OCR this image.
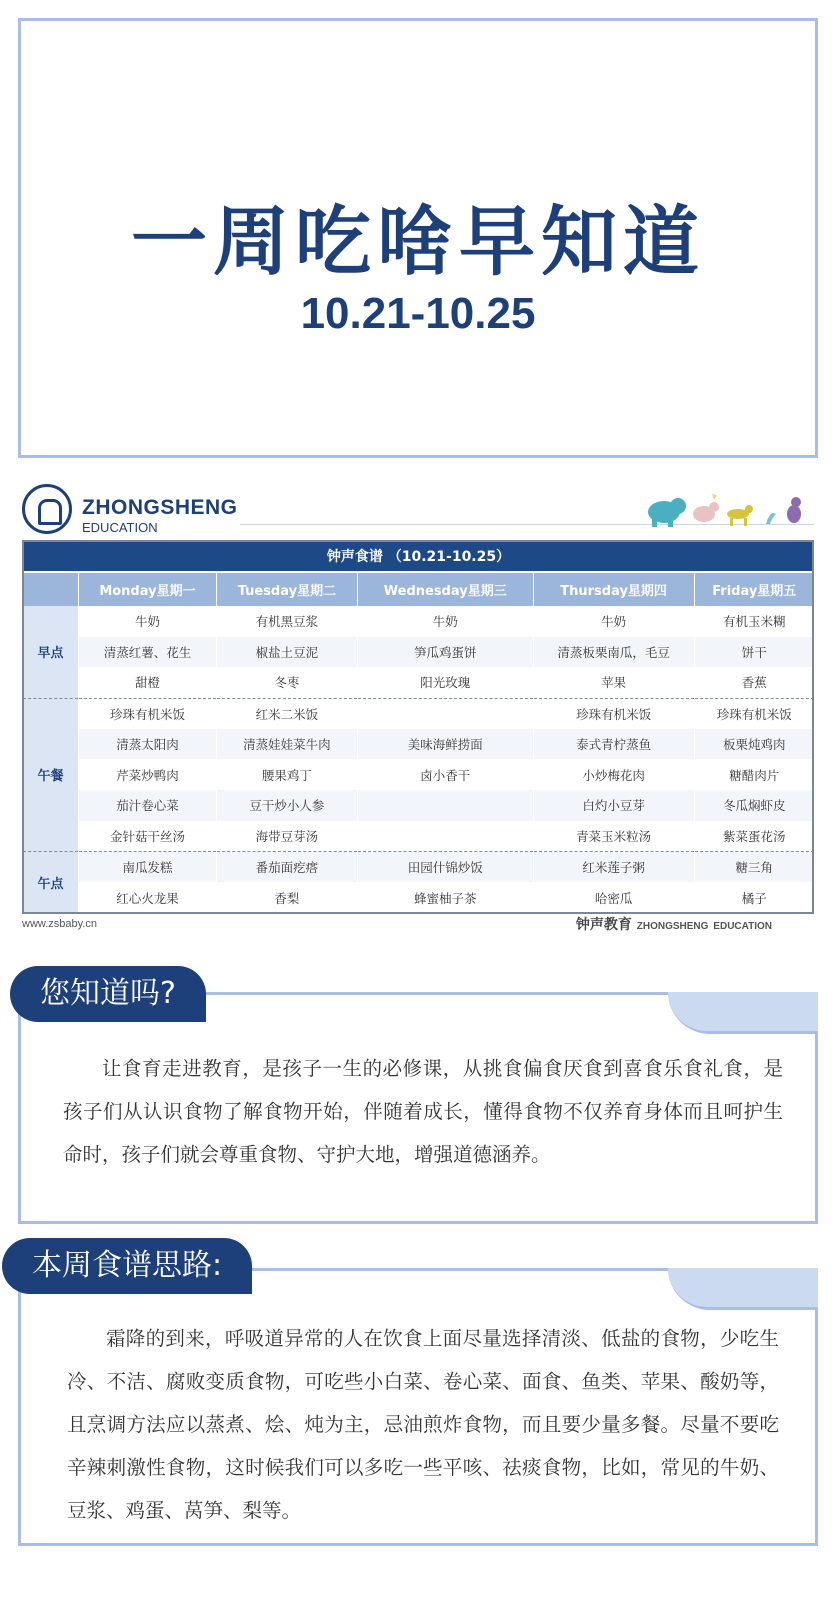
一周吃啥早知道
10.21-10.25
ZHONGSHENG
EDUCATION
钟声食谱 （10.21-10.25）					
	Monday星期一	Tuesday星期二	Wednesday星期三	Thursday星期四	Friday星期五
早点	牛奶	有机黑豆浆	牛奶	牛奶	有机玉米糊
	清蒸红薯、花生	椒盐土豆泥	笋瓜鸡蛋饼	清蒸板栗南瓜，毛豆	饼干
	甜橙	冬枣	阳光玫瑰	苹果	香蕉
午餐	珍珠有机米饭	红米二米饭		珍珠有机米饭	珍珠有机米饭
	清蒸太阳肉	清蒸娃娃菜牛肉	美味海鲜捞面	泰式青柠蒸鱼	板栗炖鸡肉
	芹菜炒鸭肉	腰果鸡丁	卤小香干	小炒梅花肉	糖醋肉片
	茄汁卷心菜	豆干炒小人参		白灼小豆芽	冬瓜焖虾皮
	金针菇干丝汤	海带豆芽汤		青菜玉米粒汤	紫菜蛋花汤
午点	南瓜发糕	番茄面疙瘩	田园什锦炒饭	红米莲子粥	糖三角
	红心火龙果	香梨	蜂蜜柚子茶	哈密瓜	橘子
www.zsbaby.cn	钟声教育 ZHONGSHENG EDUCATION
让食育走进教育，是孩子一生的必修课，从挑食偏食厌食到喜食乐食礼食，是孩子们从认识食物了解食物开始，伴随着成长，懂得食物不仅养育身体而且呵护生命时，孩子们就会尊重食物、守护大地，增强道德涵养。
您知道吗?
霜降的到来，呼吸道异常的人在饮食上面尽量选择清淡、低盐的食物，少吃生冷、不洁、腐败变质食物，可吃些小白菜、卷心菜、面食、鱼类、苹果、酸奶等，且烹调方法应以蒸煮、烩、炖为主，忌油煎炸食物，而且要少量多餐。尽量不要吃辛辣刺激性食物，这时候我们可以多吃一些平咳、祛痰食物，比如，常见的牛奶、豆浆、鸡蛋、莴笋、梨等。
本周食谱思路:
